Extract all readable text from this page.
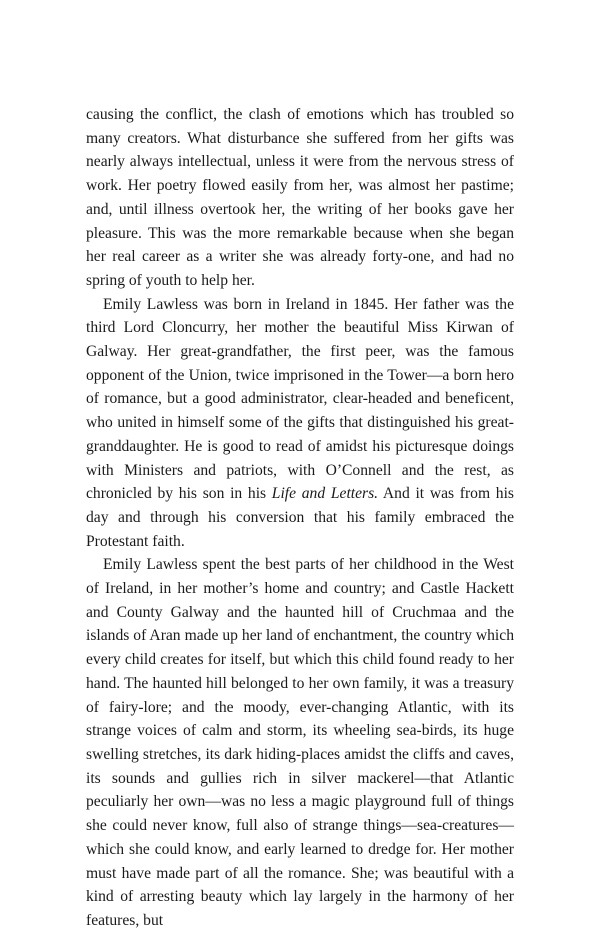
causing the conflict, the clash of emotions which has troubled so many creators. What disturbance she suffered from her gifts was nearly always intellectual, unless it were from the nervous stress of work. Her poetry flowed easily from her, was almost her pastime; and, until illness overtook her, the writing of her books gave her pleasure. This was the more remarkable because when she began her real career as a writer she was already forty-one, and had no spring of youth to help her.

Emily Lawless was born in Ireland in 1845. Her father was the third Lord Cloncurry, her mother the beautiful Miss Kirwan of Galway. Her great-grandfather, the first peer, was the famous opponent of the Union, twice imprisoned in the Tower—a born hero of romance, but a good administrator, clear-headed and beneficent, who united in himself some of the gifts that distinguished his great-granddaughter. He is good to read of amidst his picturesque doings with Ministers and patriots, with O’Connell and the rest, as chronicled by his son in his Life and Letters. And it was from his day and through his conversion that his family embraced the Protestant faith.

Emily Lawless spent the best parts of her childhood in the West of Ireland, in her mother’s home and country; and Castle Hackett and County Galway and the haunted hill of Cruchmaa and the islands of Aran made up her land of enchantment, the country which every child creates for itself, but which this child found ready to her hand. The haunted hill belonged to her own family, it was a treasury of fairy-lore; and the moody, ever-changing Atlantic, with its strange voices of calm and storm, its wheeling sea-birds, its huge swelling stretches, its dark hiding-places amidst the cliffs and caves, its sounds and gullies rich in silver mackerel—that Atlantic peculiarly her own—was no less a magic playground full of things she could never know, full also of strange things—sea-creatures—which she could know, and early learned to dredge for. Her mother must have made part of all the romance. She; was beautiful with a kind of arresting beauty which lay largely in the harmony of her features, but
